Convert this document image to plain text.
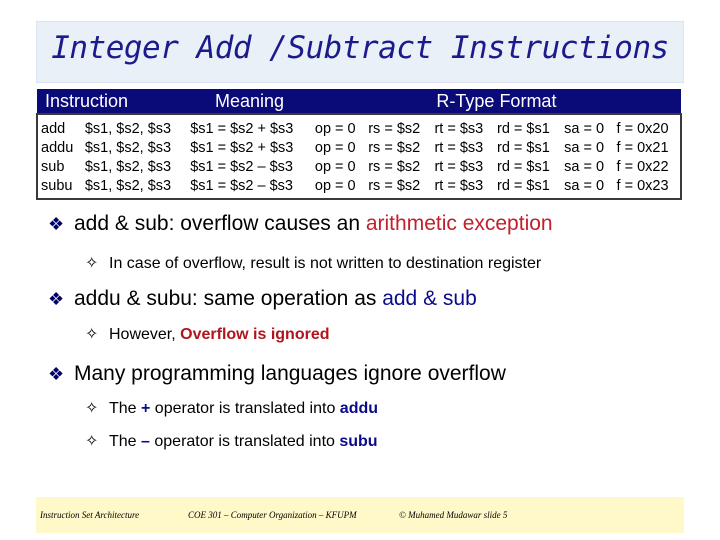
Integer Add /Subtract Instructions
Instruction		Meaning	R-Type Format					
add	$s1, $s2, $s3	$s1 = $s2 + $s3	op = 0	rs = $s2	rt = $s3	rd = $s1	sa = 0	f = 0x20
addu	$s1, $s2, $s3	$s1 = $s2 + $s3	op = 0	rs = $s2	rt = $s3	rd = $s1	sa = 0	f = 0x21
sub	$s1, $s2, $s3	$s1 = $s2 – $s3	op = 0	rs = $s2	rt = $s3	rd = $s1	sa = 0	f = 0x22
subu	$s1, $s2, $s3	$s1 = $s2 – $s3	op = 0	rs = $s2	rt = $s3	rd = $s1	sa = 0	f = 0x23
❖ add & sub: overflow causes an arithmetic exception
✧ In case of overflow, result is not written to destination register
❖ addu & subu: same operation as add & sub
✧ However, Overflow is ignored
❖ Many programming languages ignore overflow
✧ The + operator is translated into addu
✧ The – operator is translated into subu
Instruction Set Architecture	COE 301 – Computer Organization – KFUPM	© Muhamed Mudawar slide 5
